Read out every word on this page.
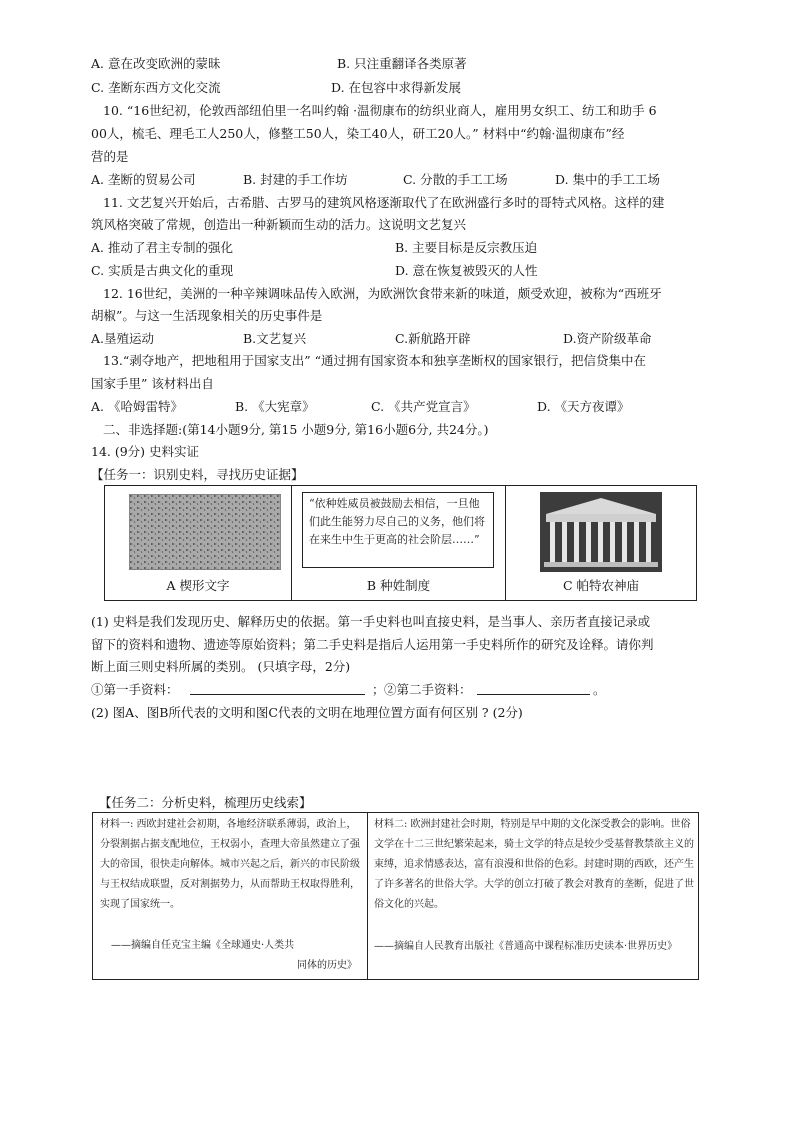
A. 意在改变欧洲的蒙昧	B. 只注重翻译各类原著
C. 垄断东西方文化交流	D. 在包容中求得新发展
10. “16世纪初，伦敦西部纽伯里一名叫约翰 ·温彻康布的纺织业商人，雇用男女织工、纺工和助手 6
00人，梳毛、理毛工人250人，修整工50人，染工40人，研工20人。” 材料中“约翰·温彻康布”经
营的是
A. 垄断的贸易公司	B. 封建的手工作坊	C. 分散的手工工场	D. 集中的手工工场
11. 文艺复兴开始后，古希腊、古罗马的建筑风格逐渐取代了在欧洲盛行多时的哥特式风格。这样的建
筑风格突破了常规，创造出一种新颖而生动的活力。这说明文艺复兴
A. 推动了君主专制的强化	B. 主要目标是反宗教压迫
C. 实质是古典文化的重现	D. 意在恢复被毁灭的人性
12. 16世纪，美洲的一种辛辣调味品传入欧洲，为欧洲饮食带来新的味道，颇受欢迎，被称为“西班牙
胡椒”。与这一生活现象相关的历史事件是
A.垦殖运动	B.文艺复兴	C.新航路开辟	D.资产阶级革命
13.“剥夺地产，把地租用于国家支出” “通过拥有国家资本和独享垄断权的国家银行，把信贷集中在
国家手里” 该材料出自
A. 《哈姆雷特》	B. 《大宪章》	C. 《共产党宣言》	D. 《天方夜谭》
二、非选择题:(第14小题9分, 第15 小题9分, 第16小题6分, 共24分。)
14. (9分) 史料实证
【任务一：识别史料，寻找历史证据】
A 楔形文字
“依种姓威员被鼓励去相信，一旦他们此生能努力尽自己的义务，他们将在来生中生于更高的社会阶层……”
B 种姓制度	C 帕特农神庙
(1) 史料是我们发现历史、解释历史的依据。第一手史料也叫直接史料，是当事人、亲历者直接记录或
留下的资料和遗物、遗迹等原始资料；第二手史料是指后人运用第一手史料所作的研究及诠释。请你判
断上面三则史料所属的类别。 (只填字母，2分)
①第一手资料：	； ②第二手资料：	。
(2) 图A、图B所代表的文明和图C代表的文明在地理位置方面有何区别 ? (2分)
【任务二：分析史料，梳理历史线索】
材料一: 西欧封建社会初期，各地经济联系薄弱，政治上，分裂割据占据支配地位，王权弱小，查理大帝虽然建立了强大的帝国，很快走向解体。城市兴起之后，新兴的市民阶级与王权结成联盟，反对割据势力，从而帮助王权取得胜利，实现了国家统一。
——摘编自任克宝主编《全球通史·人类共
同体的历史》
材料二: 欧洲封建社会时期，特别是早中期的文化深受教会的影响。世俗文学在十二三世纪繁荣起来，骑士文学的特点是较少受基督教禁欲主义的束缚，追求情感表达，富有浪漫和世俗的色彩。封建时期的西欧，还产生了许多著名的世俗大学。大学的创立打破了教会对教育的垄断，促进了世俗文化的兴起。
——摘编自人民教育出版社《普通高中课程标准历史读本·世界历史》
